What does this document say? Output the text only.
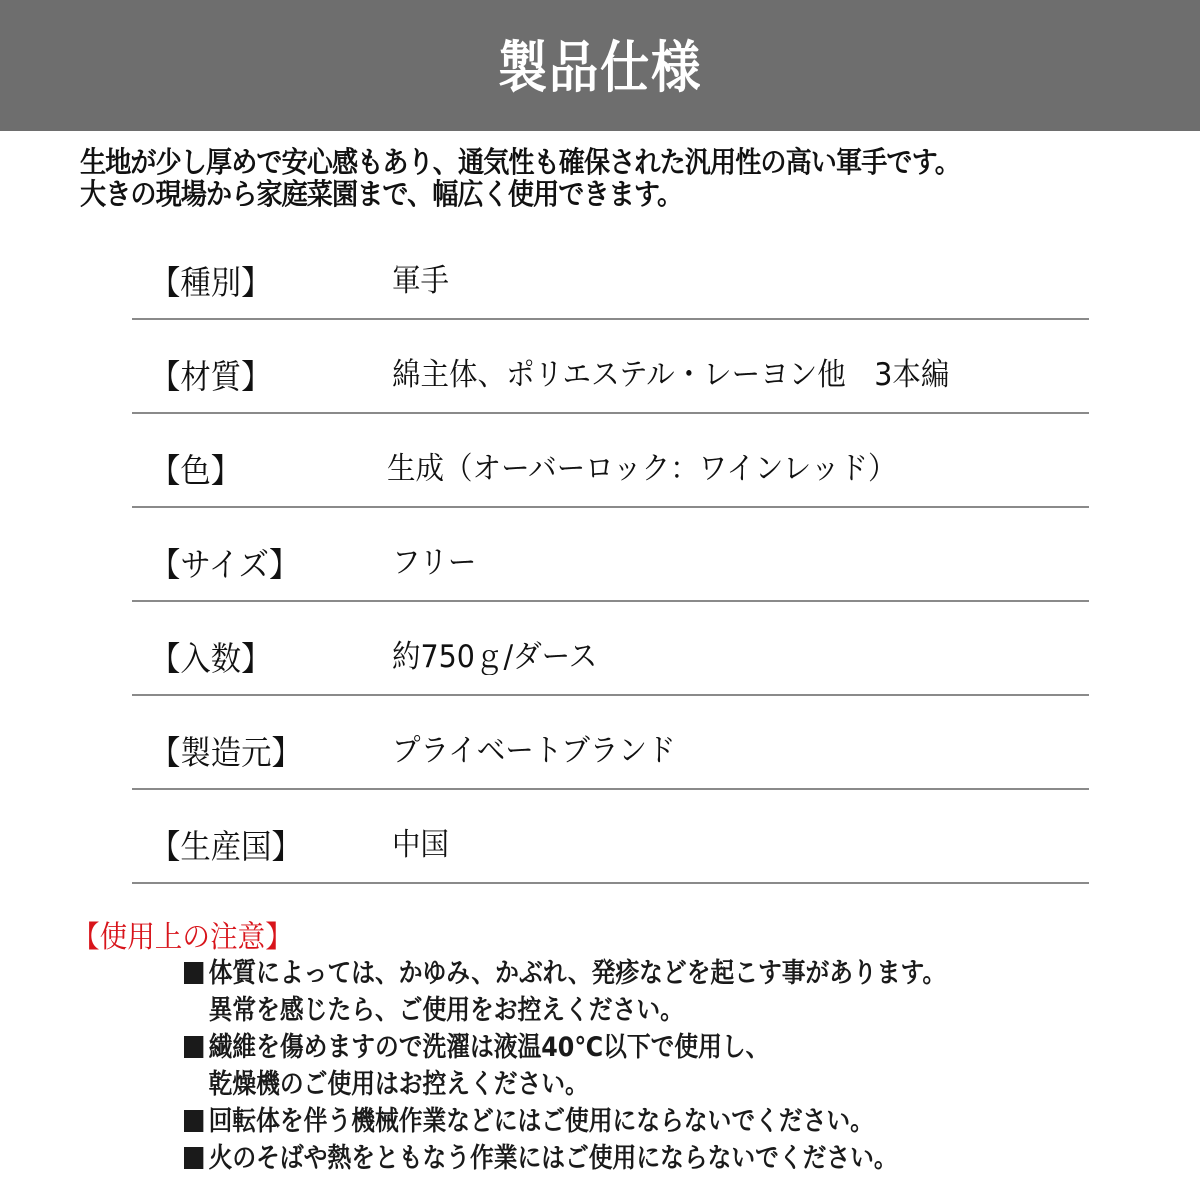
製品仕様
生地が少し厚めで安心感もあり、通気性も確保された汎用性の高い軍手です。
大きの現場から家庭菜園まで、幅広く使用できます。
【種別】	軍手
【材質】	綿主体、ポリエステル・レーヨン他　3本編
【色】	生成（オーバーロック：ワインレッド）
【サイズ】	フリー
【入数】	約750ｇ/ダース
【製造元】	プライベートブランド
【生産国】	中国
【使用上の注意】
体質によっては、かゆみ、かぶれ、発疹などを起こす事があります。
異常を感じたら、ご使用をお控えください。
繊維を傷めますので洗濯は液温40℃以下で使用し、
乾燥機のご使用はお控えください。
回転体を伴う機械作業などにはご使用にならないでください。
火のそばや熱をともなう作業にはご使用にならないでください。
